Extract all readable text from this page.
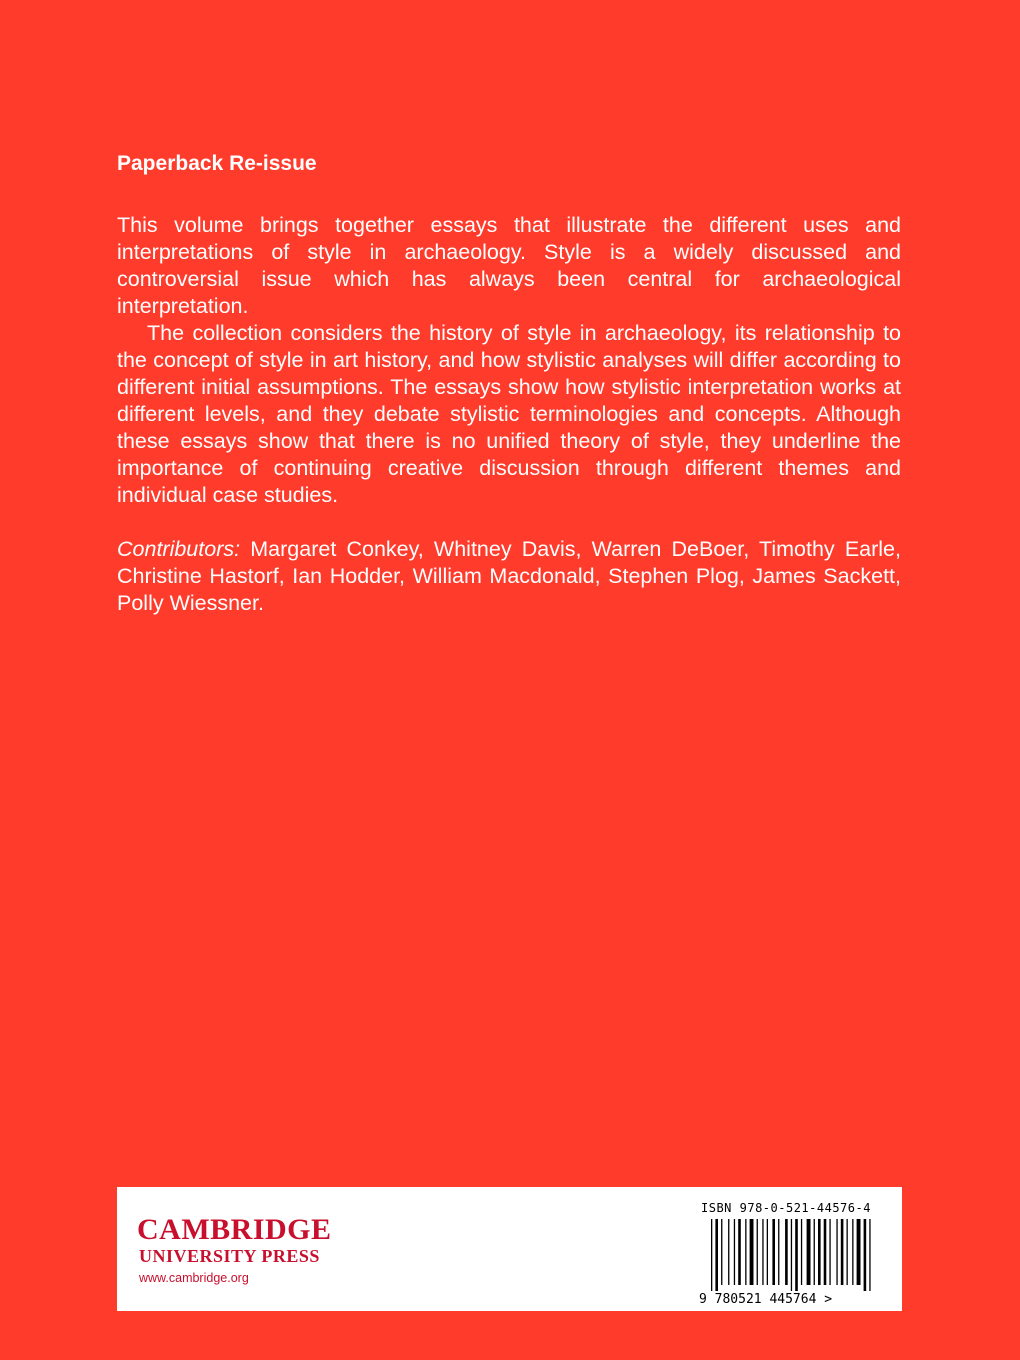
Paperback Re-issue

This volume brings together essays that illustrate the different uses and interpretations of style in archaeology. Style is a widely discussed and controversial issue which has always been central for archaeological interpretation.

The collection considers the history of style in archaeology, its relationship to the concept of style in art history, and how stylistic analyses will differ according to different initial assumptions. The essays show how stylistic interpretation works at different levels, and they debate stylistic terminologies and concepts. Although these essays show that there is no unified theory of style, they underline the importance of continuing creative discussion through different themes and individual case studies.

Contributors: Margaret Conkey, Whitney Davis, Warren DeBoer, Timothy Earle, Christine Hastorf, Ian Hodder, William Macdonald, Stephen Plog, James Sackett, Polly Wiessner.

CAMBRIDGE
UNIVERSITY PRESS
www.cambridge.org
ISBN 978-0-521-44576-4
9 780521 445764 >
